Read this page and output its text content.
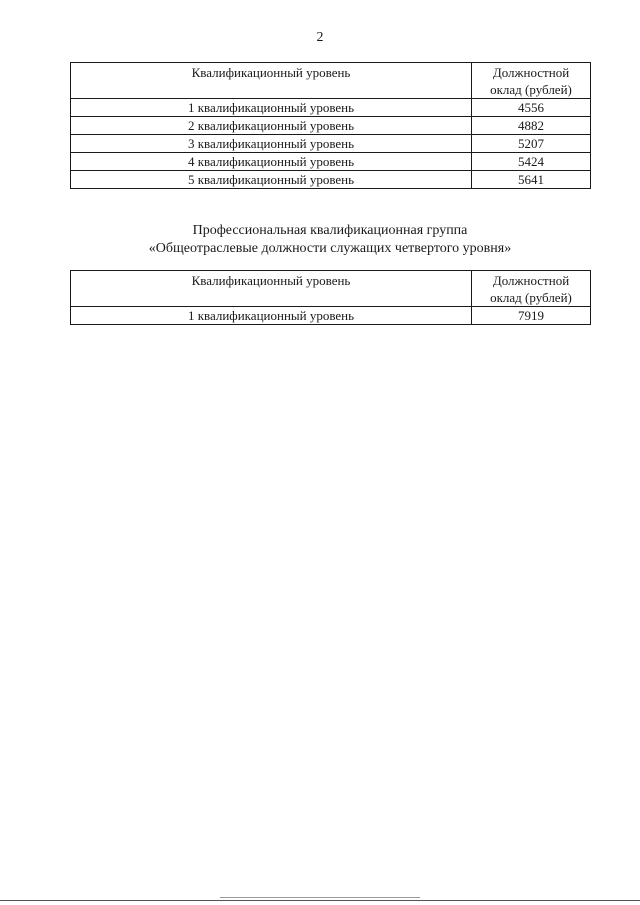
2
Квалификационный уровень	Должностной
оклад (рублей)
1 квалификационный уровень	4556
2 квалификационный уровень	4882
3 квалификационный уровень	5207
4 квалификационный уровень	5424
5 квалификационный уровень	5641
Профессиональная квалификационная группа
«Общеотраслевые должности служащих четвертого уровня»
Квалификационный уровень	Должностной
оклад (рублей)
1 квалификационный уровень	7919
